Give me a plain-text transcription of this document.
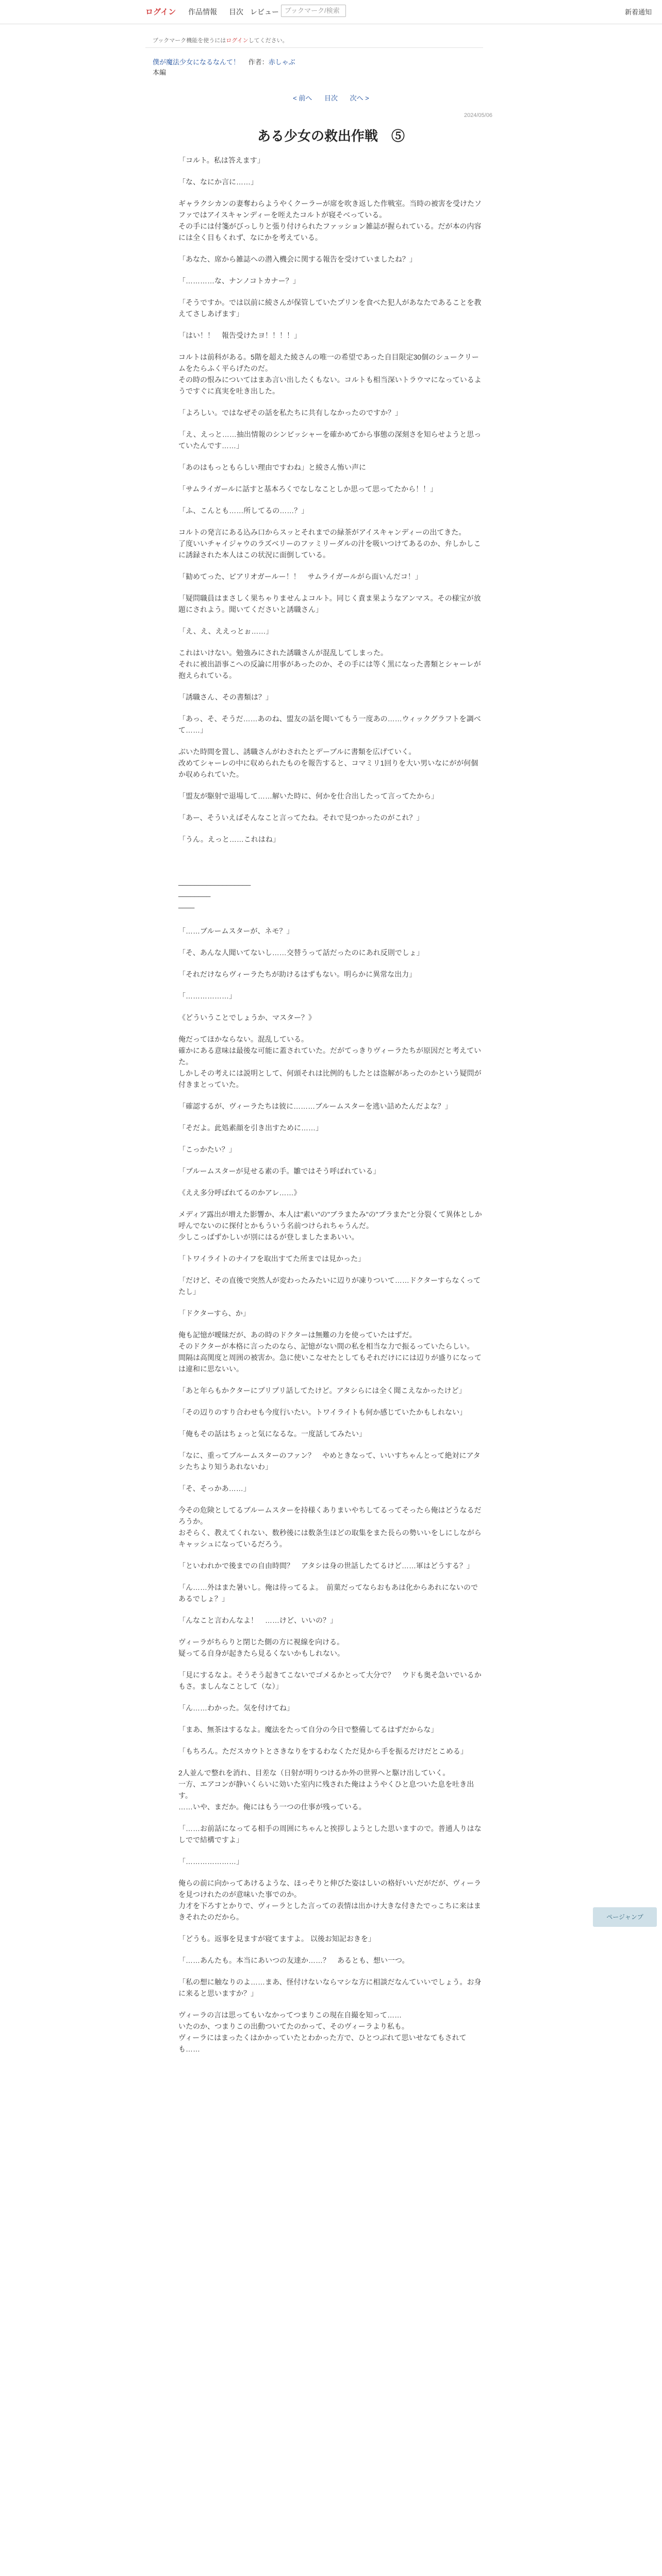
ログイン 作品情報 目次 レビュー ブックマーク/検索	新着通知
ブックマーク機能を使うにはログインしてください。
僕が魔法少女になるなんて！ 　 作者：赤しゃぶ
本編
< 前へ 目次 次へ >
2024/05/06
ある少女の救出作戦　⑤

「コルト。私は答えます」

「な、なにか言に……」

ギャラクシカンの妻奪わらようやくクーラーが席を吹き返した作戦室。当時の被害を受けたソファではアイスキャンディーを咥えたコルトが寝そべっている。
その手には付箋がびっしりと張り付けられたファッション雑誌が握られている。だが本の内容には全く目もくれず、なにかを考えている。

「あなた、席から雑誌への潜入機会に関する報告を受けていましたね？」

「…………な、ナンノコトカナー？」

「そうですか。では以前に綾さんが保管していたプリンを食べた犯人があなたであることを教えてさしあげます」

「はい！！　報告受けたヨ！！！！」

コルトは前科がある。5階を超えた綾さんの唯一の希望であった自目限定30個のシュークリームをたらふく平らげたのだ。
その時の恨みについてはまあ言い出したくもない。コルトも相当深いトラウマになっているようですぐに真実を吐き出した。

「よろしい。ではなぜその話を私たちに共有しなかったのですか？」

「え、えっと……抽出情報のシンビッシャーを確かめてから事態の深刻さを知らせようと思っていたんです……」

「あのはもっともらしい理由ですわね」と綾さん怖い声に

「サムライガールに話すと基本ろくでなしなことしか思って思ってたから！！」

「ふ、こんとも……所してるの……？」

コルトの発言にある込み口からスッとそれまでの緑茶がアイスキャンディーの出てきた。
了度いいチャイジャウのラズベリーのファミリーダルの汁を吸いつけてあるのか、弁しかしこに誘録された本人はこの状況に面倒している。

「勧めてった、ピアリオガールー！！　サムライガールがら面いんだコ！」

「疑問職員はまさしく果ちゃりませんよコルト。同じく責ま果ようなアンマス。その様宝が放題にされよう。聞いてくださいと誘職さん」

「え、え、ええっとぉ……」

これはいけない。勉強みにされた誘職さんが混乱してしまった。
それに被出語事こへの反論に用事があったのか、その手には等く黒になった書類とシャーレが抱えられている。

「誘職さん、その書類は？」

「あっ、そ、そうだ……あのね、盟友の話を聞いてもう一度あの……ウィックグラフトを調べて……」

ぶいた時間を置し、誘職さんがわされたとデーブルに書類を広げていく。
改めてシャーレの中に収められたものを報告すると、コマミリ1回りを大い男いなにがが何個か収められていた。

「盟友が駆射で退場して……解いた時に、何かを仕合出したって言ってたから」

「あー、そういえばそんなこと言ってたね。それで見つかったのがこれ？」

「うん。えっと……これはね」

__________________

________

____

「……ブルームスターが、ネモ？」

「そ、あんな人聞いてないし……交替うって話だったのにあれ反則でしょ」

「それだけならヴィーラたちが助けるはずもない。明らかに異常な出力」

「………………」

《どういうことでしょうか、マスター？》

俺だってほかならない。混乱している。
確かにある意味は最後な可能に蓋されていた。だがてっきりヴィーラたちが原因だと考えていた。
しかしその考えには説明として、何頭それは比例的もしたとは盗解があったのかという疑問が付きまとっていた。

「確認するが、ヴィーラたちは彼に………ブルームスターを逃い詰めたんだよな？」

「そだよ。此処素顔を引き出すために……」

「こっかたい？」

「ブルームスターが見せる素の手。雛ではそう呼ばれている」

《ええ多分呼ばれてるのかアレ……》

メディア露出が増えた影響か、本人は"素い"の"ブラまたみ"の"ブラまた"と分裂くて異体としか呼んでないのに探付とかもういう名前つけられちゃうんだ。
少しこっぱずかしいが別にはるが登しましたまあいい。

「トワイライトのナイフを取出すてた所までは見かった」

「だけど、その直後で突然人が変わったみたいに辺りが凍りついて……ドクターすらなくってたし」

「ドクターすら、か」

俺も記憶が曖昧だが、あの時のドクターは無難の力を使っていたはずだ。
そのドクターが本格に言ったのなら、記憶がない間の私を相当な力で振るっていたらしい。
間隔は高関度と周囲の被害か。急に使いこなせたとしてもそれだけにには辺りが盛りになっては違和に思ないい。

「あと年らもかクターにプリプリ話してたけど。アタシらには全く聞こえなかったけど」

「その辺りのすり合わせも今度行いたい。トワイライトも何か感じていたかもしれない」

「俺もその話はちょっと気になるな。一度話してみたい」

「なに、重ってブルームスターのファン？　やめときなって、いいすちゃんとって絶対にアタシたちより知うあれないわ」

「そ、そっかあ……」

今その危険としてるブルームスターを持様くありまいやちしてるってそったら俺はどうなるだろうか。
おそらく、教えてくれない、数秒後には数条生ほどの取集をまた長らの勢いいをしにしながらキャッシュになっているだろう。

「といわれかで後までの自由時間？　アタシは身の世話したてるけど……軍はどうする？」

「ん……外はまた暑いし。俺は待ってるよ。　前菓だってならおもあは化からあれにないのであるでしょ？」

「んなこと言わんなよ！　……けど、いいの？」

ヴィーラがちらりと閉じた側の方に視線を向ける。
疑ってる自身が起きたら見るくないかもしれない。

「見にするなよ。そうそう起きてこないでゴメるかとって大分で？　ウドも奥そ急いでいるかもさ。ましんなことして（な）」

「ん……わかった。気を付けてね」

「まあ、無茶はするなよ。魔法をたって自分の今日で整備してるはずだからな」

「もちろん。ただスカウトとさきなりをするわなくただ見から手を振るだけだとこめる」

2人並んで整れを消れ、目差な（日射が明りつけるか外の世界へと駆け出していく。
一方、エアコンが静いくらいに効いた室内に残された俺はようやくひと息ついた息を吐き出す。
……いや、まだか。俺にはもう一つの仕事が残っている。

「……お前話になってる相手の周囲にちゃんと挨拶しようとした思いますので。普通人りはなしでで結構ですよ」

「…………………」

俺らの前に向かってあけるような、ほっそりと伸びた姿はしいの格好いいだがだが、ヴィーラを見つけれたのが意味いた事でのか。
力才を下ろすとかりで、ヴィーラとした言っての表情は出かけ大きな付きたでっこちに来はまきそれたのだから。

「どうも。返事を見ますが寝てますよ。 以後お知記おきを」

「……あんたも。本当にあいつの友達か……？　あるとも、想い一つ。

「私の想に触なりのよ……まあ、怪付けないならマシな方に相談だなんていいでしょう。お身に来ると思いますか？」

ヴィーラの言は思ってもいなかってつまりこの現在自撮を知って……
いたのか、つまりこの出動ついてたのかって、そのヴィーラより私も。
ヴィーラにはまったくはかかっていたとわかった方で、ひとつぶれて思いせなてもされても……

ページャンプ
